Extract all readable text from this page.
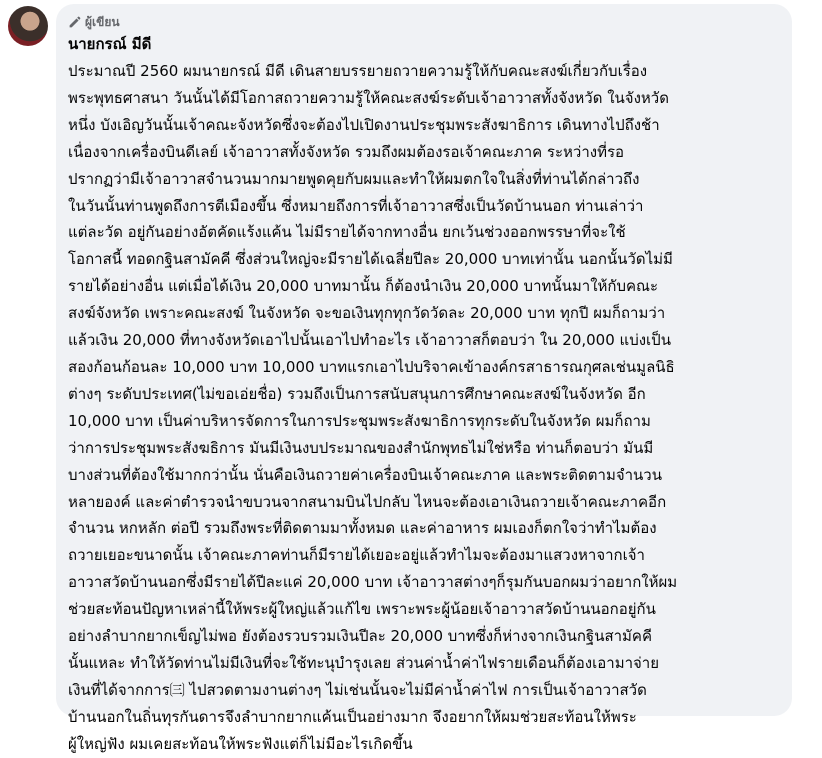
ผู้เขียน
นายกรณ์ มีดี
ประมาณปี 2560 ผมนายกรณ์ มีดี เดินสายบรรยายถวายความรู้ให้กับคณะสงฆ์เกี่ยวกับเรื่อง
พระพุทธศาสนา วันนั้นได้มีโอกาสถวายความรู้ให้คณะสงฆ์ระดับเจ้าอาวาสทั้งจังหวัด ในจังหวัด
หนึ่ง บังเอิญวันนั้นเจ้าคณะจังหวัดซึ่งจะต้องไปเปิดงานประชุมพระสังฆาธิการ เดินทางไปถึงช้า
เนื่องจากเครื่องบินดีเลย์ เจ้าอาวาสทั้งจังหวัด รวมถึงผมต้องรอเจ้าคณะภาค ระหว่างที่รอ
ปรากฏว่ามีเจ้าอาวาสจำนวนมากมายพูดคุยกับผมและทำให้ผมตกใจในสิ่งที่ท่านได้กล่าวถึง
ในวันนั้นท่านพูดถึงการตีเมืองขึ้น ซึ่งหมายถึงการที่เจ้าอาวาสซึ่งเป็นวัดบ้านนอก ท่านเล่าว่า
แต่ละวัด อยู่กันอย่างอัตคัดแร้งแค้น ไม่มีรายได้จากทางอื่น ยกเว้นช่วงออกพรรษาที่จะใช้
โอกาสนี้ ทอดกฐินสามัคคี ซึ่งส่วนใหญ่จะมีรายได้เฉลี่ยปีละ 20,000 บาทเท่านั้น นอกนั้นวัดไม่มี
รายได้อย่างอื่น แต่เมื่อได้เงิน 20,000 บาทมานั้น ก็ต้องนำเงิน 20,000 บาทนั้นมาให้กับคณะ
สงฆ์จังหวัด เพราะคณะสงฆ์ ในจังหวัด จะขอเงินทุกทุกวัดวัดละ 20,000 บาท ทุกปี ผมก็ถามว่า
แล้วเงิน 20,000 ที่ทางจังหวัดเอาไปนั้นเอาไปทำอะไร เจ้าอาวาสก็ตอบว่า ใน 20,000 แบ่งเป็น
สองก้อนก้อนละ 10,000 บาท 10,000 บาทแรกเอาไปบริจาคเข้าองค์กรสาธารณกุศลเช่นมูลนิธิ
ต่างๆ ระดับประเทศ(ไม่ขอเอ่ยชื่อ) รวมถึงเป็นการสนับสนุนการศึกษาคณะสงฆ์ในจังหวัด อีก
10,000 บาท เป็นค่าบริหารจัดการในการประชุมพระสังฆาธิการทุกระดับในจังหวัด ผมก็ถาม
ว่าการประชุมพระสังฆธิการ มันมีเงินงบประมาณของสำนักพุทธไม่ใช่หรือ ท่านก็ตอบว่า มันมี
บางส่วนที่ต้องใช้มากกว่านั้น นั่นคือเงินถวายค่าเครื่องบินเจ้าคณะภาค และพระติดตามจำนวน
หลายองค์ และค่าตำรวจนำขบวนจากสนามบินไปกลับ ไหนจะต้องเอาเงินถวายเจ้าคณะภาคอีก
จำนวน หกหลัก ต่อปี รวมถึงพระที่ติดตามมาทั้งหมด และค่าอาหาร ผมเองก็ตกใจว่าทำไมต้อง
ถวายเยอะขนาดนั้น เจ้าคณะภาคท่านก็มีรายได้เยอะอยู่แล้วทำไมจะต้องมาแสวงหาจากเจ้า
อาวาสวัดบ้านนอกซึ่งมีรายได้ปีละแค่ 20,000 บาท เจ้าอาวาสต่างๆก็รุมกันบอกผมว่าอยากให้ผม
ช่วยสะท้อนปัญหาเหล่านี้ให้พระผู้ใหญ่แล้วแก้ไข เพราะพระผู้น้อยเจ้าอาวาสวัดบ้านนอกอยู่กัน
อย่างลำบากยากเข็ญไม่พอ ยังต้องรวบรวมเงินปีละ 20,000 บาทซึ่งก็ห่างจากเงินกฐินสามัคคี
นั้นแหละ ทำให้วัดท่านไม่มีเงินที่จะใช้ทะนุบำรุงเลย ส่วนค่าน้ำค่าไฟรายเดือนก็ต้องเอามาจ่าย
เงินที่ได้จากการ🉁 ไปสวดตามงานต่างๆ ไม่เช่นนั้นจะไม่มีค่าน้ำค่าไฟ การเป็นเจ้าอาวาสวัด
บ้านนอกในถิ่นทุรกันดารจึงลำบากยากแค้นเป็นอย่างมาก จึงอยากให้ผมช่วยสะท้อนให้พระ
ผู้ใหญ่ฟัง ผมเคยสะท้อนให้พระฟังแต่ก็ไม่มีอะไรเกิดขึ้น
